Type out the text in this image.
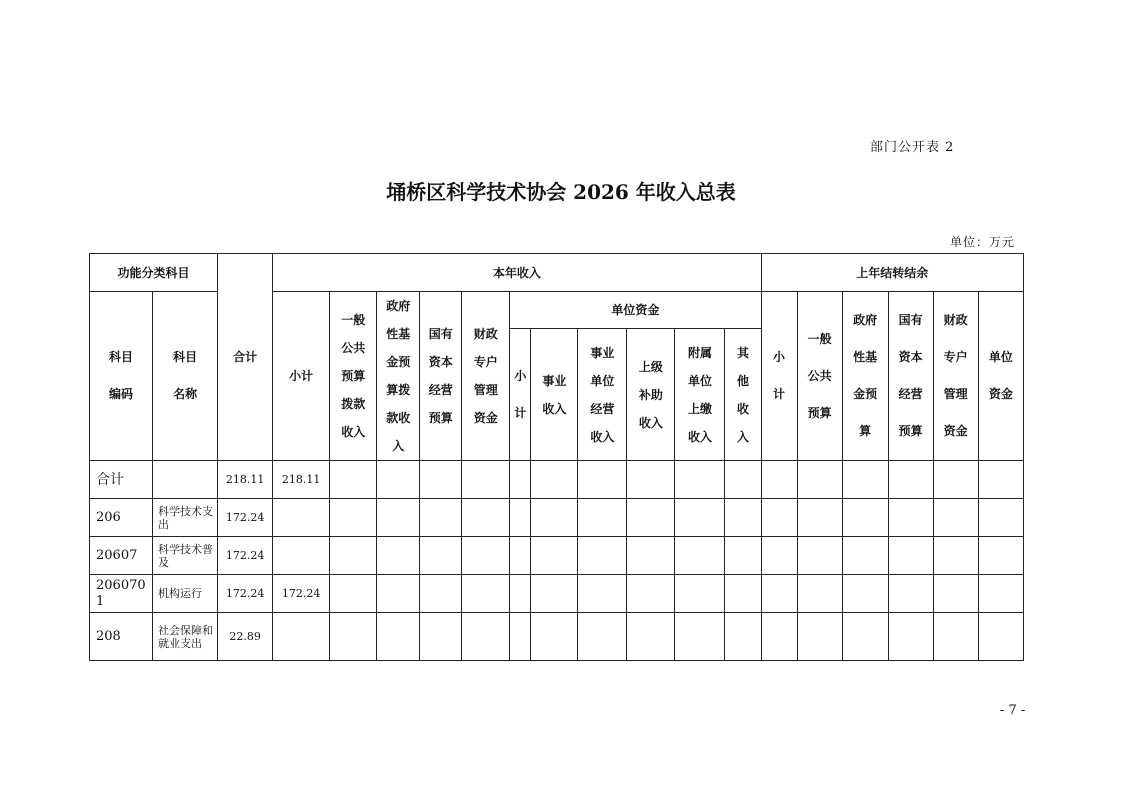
部门公开表 2
埇桥区科学技术协会 2026 年收入总表
单位：万元
功能分类科目		合计	本年收入											上年结转结余					

科目编码	科目名称		小计	一般公共预算拨款收入	政府性基金预算拨款收入	国有资本经营预算	财政专户管理资金	单位资金						小计	一般公共预算	政府性基金预算	国有资本经营预算	财政专户管理资金	单位资金

								小计	事业收入	事业单位经营收入	上级补助收入	附属单位上缴收入	其他收入						

合计		218.11	218.11																
206	科学技术支出	172.24																	
20607	科学技术普及	172.24																	

2060701	机构运行	172.24	172.24																
208	社会保障和就业支出	22.89																	
- 7 -
